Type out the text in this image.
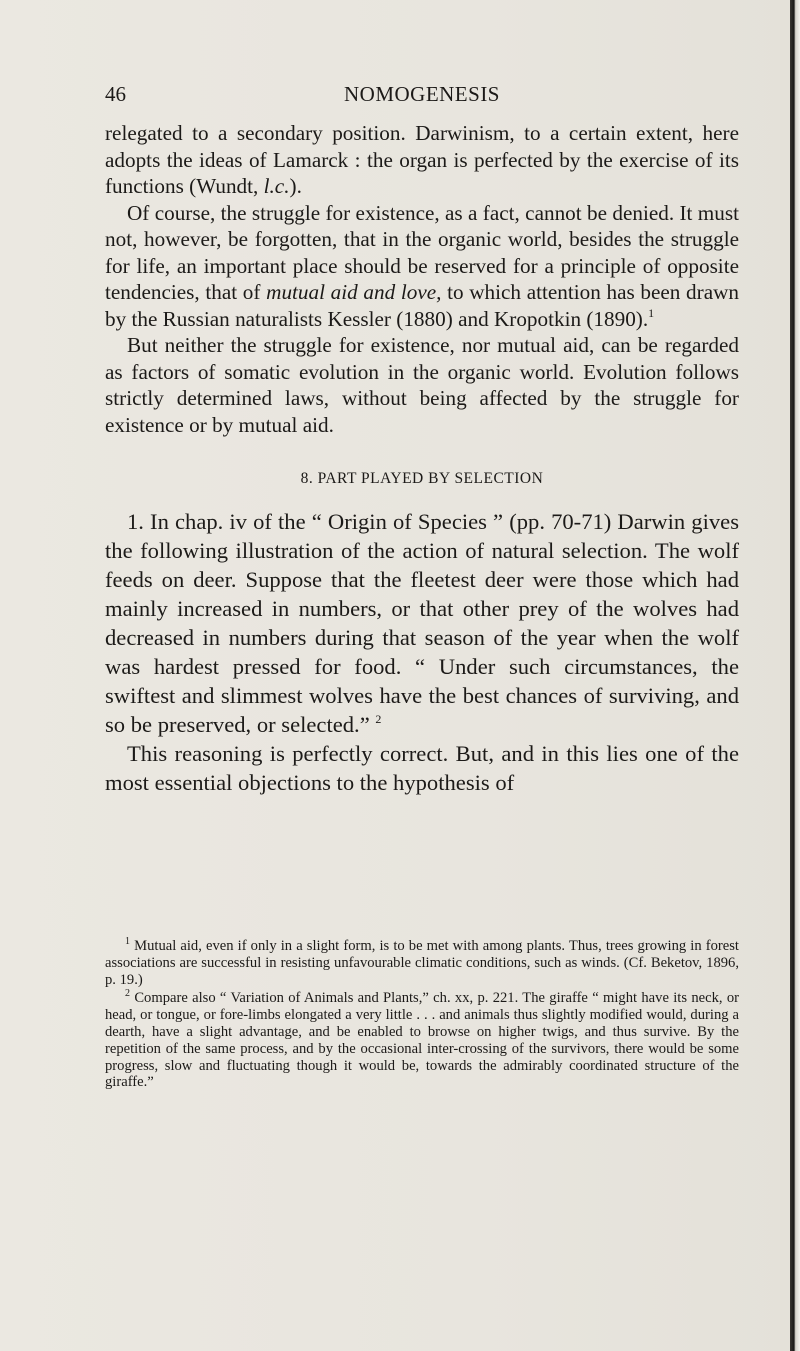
46	NOMOGENESIS

relegated to a secondary position. Darwinism, to a certain extent, here adopts the ideas of Lamarck : the organ is perfected by the exercise of its functions (Wundt, l.c.).

Of course, the struggle for existence, as a fact, cannot be denied. It must not, however, be forgotten, that in the organic world, besides the struggle for life, an important place should be reserved for a principle of opposite tendencies, that of mutual aid and love, to which attention has been drawn by the Russian naturalists Kessler (1880) and Kropotkin (1890).$^1$

But neither the struggle for existence, nor mutual aid, can be regarded as factors of somatic evolution in the organic world. Evolution follows strictly determined laws, without being affected by the struggle for existence or by mutual aid.

8. PART PLAYED BY SELECTION

1. In chap. iv of the “ Origin of Species ” (pp. 70-71) Darwin gives the following illustration of the action of natural selection. The wolf feeds on deer. Suppose that the fleetest deer were those which had mainly increased in numbers, or that other prey of the wolves had decreased in numbers during that season of the year when the wolf was hardest pressed for food. “ Under such circumstances, the swiftest and slimmest wolves have the best chances of surviving, and so be preserved, or selected.” $^2$

This reasoning is perfectly correct. But, and in this lies one of the most essential objections to the hypothesis of

$^1$ Mutual aid, even if only in a slight form, is to be met with among plants. Thus, trees growing in forest associations are successful in resisting unfavourable climatic conditions, such as winds. (Cf. Beketov, 1896, p. 19.)

$^2$ Compare also “ Variation of Animals and Plants,” ch. xx, p. 221. The giraffe “ might have its neck, or head, or tongue, or fore-limbs elongated a very little . . . and animals thus slightly modified would, during a dearth, have a slight advantage, and be enabled to browse on higher twigs, and thus survive. By the repetition of the same process, and by the occasional inter-crossing of the survivors, there would be some progress, slow and fluctuating though it would be, towards the admirably coordinated structure of the giraffe.”
